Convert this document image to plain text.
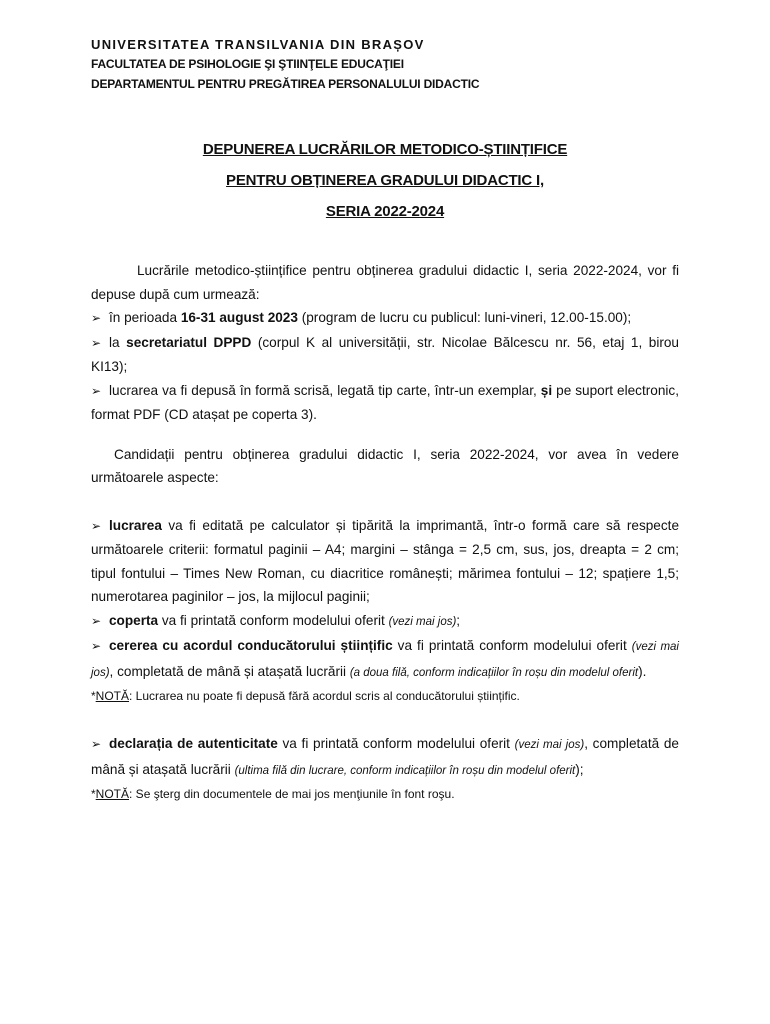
UNIVERSITATEA TRANSILVANIA DIN BRAȘOV
FACULTATEA DE PSIHOLOGIE ŞI ŞTIINŢELE EDUCAŢIEI
DEPARTAMENTUL PENTRU PREGĂTIREA PERSONALULUI DIDACTIC
DEPUNEREA LUCRĂRILOR METODICO-ȘTIINȚIFICE
PENTRU OBȚINEREA GRADULUI DIDACTIC I,
SERIA 2022-2024
Lucrările metodico-științifice pentru obținerea gradului didactic I, seria 2022-2024, vor fi depuse după cum urmează:
➢ în perioada 16-31 august 2023 (program de lucru cu publicul: luni-vineri, 12.00-15.00);
➢ la secretariatul DPPD (corpul K al universității, str. Nicolae Bălcescu nr. 56, etaj 1, birou KI13);
➢ lucrarea va fi depusă în formă scrisă, legată tip carte, într-un exemplar, și pe suport electronic, format PDF (CD atașat pe coperta 3).
Candidații pentru obținerea gradului didactic I, seria 2022-2024, vor avea în vedere următoarele aspecte:
➢ lucrarea va fi editată pe calculator și tipărită la imprimantă, într-o formă care să respecte următoarele criterii: formatul paginii – A4; margini – stânga = 2,5 cm, sus, jos, dreapta = 2 cm; tipul fontului – Times New Roman, cu diacritice românești; mărimea fontului – 12; spațiere 1,5; numerotarea paginilor – jos, la mijlocul paginii;
➢ coperta va fi printată conform modelului oferit (vezi mai jos);
➢ cererea cu acordul conducătorului științific va fi printată conform modelului oferit (vezi mai jos), completată de mână și atașată lucrării (a doua filă, conform indicațiilor în roșu din modelul oferit).
*NOTĂ: Lucrarea nu poate fi depusă fără acordul scris al conducătorului științific.
➢ declarația de autenticitate va fi printată conform modelului oferit (vezi mai jos), completată de mână și atașată lucrării (ultima filă din lucrare, conform indicațiilor în roșu din modelul oferit);
*NOTĂ: Se şterg din documentele de mai jos menţiunile în font roşu.
